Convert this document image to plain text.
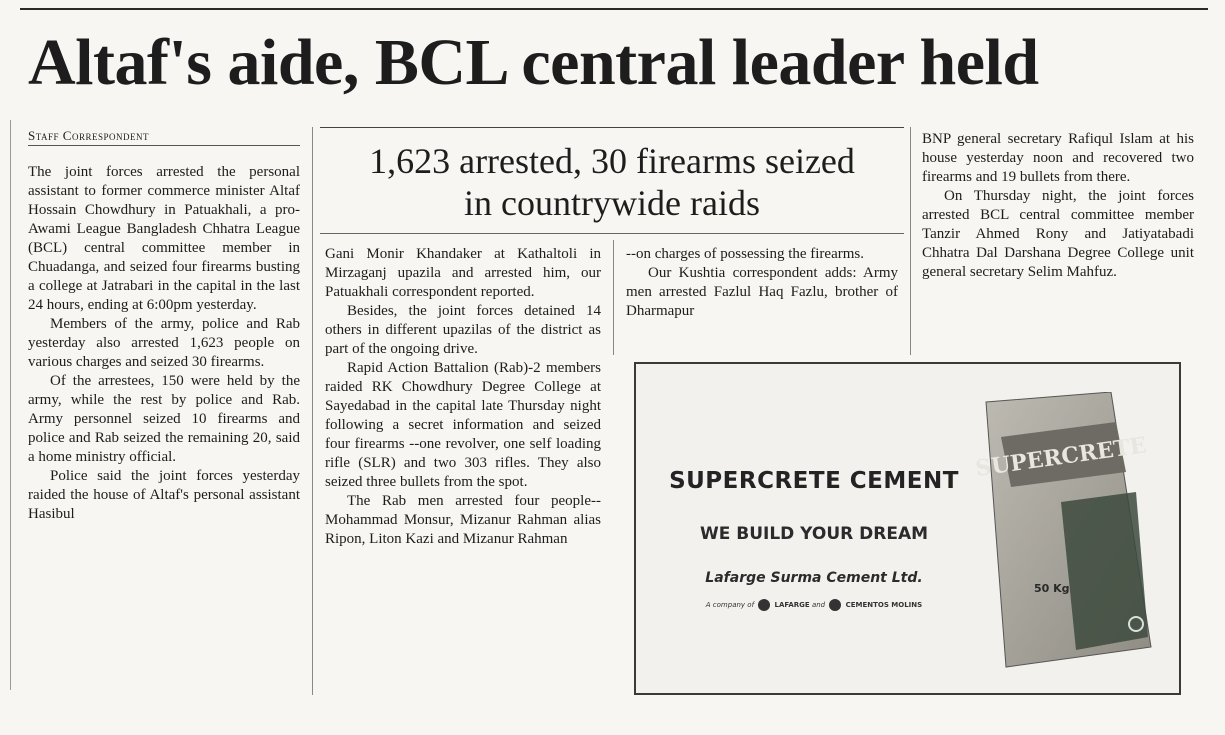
Altaf's aide, BCL central leader held
Staff Correspondent

The joint forces arrested the personal assistant to former commerce minister Altaf Hossain Chowdhury in Patuakhali, a pro-Awami League Bangladesh Chhatra League (BCL) central committee member in Chuadanga, and seized four firearms busting a college at Jatrabari in the capital in the last 24 hours, ending at 6:00pm yesterday.

Members of the army, police and Rab yesterday also arrested 1,623 people on various charges and seized 30 firearms.

Of the arrestees, 150 were held by the army, while the rest by police and Rab. Army personnel seized 10 firearms and police and Rab seized the remaining 20, said a home ministry official.

Police said the joint forces yesterday raided the house of Altaf's personal assistant Hasibul

1,623 arrested, 30 firearms seized
in countrywide raids

Gani Monir Khandaker at Kathaltoli in Mirzaganj upazila and arrested him, our Patuakhali correspondent reported.

Besides, the joint forces detained 14 others in different upazilas of the district as part of the ongoing drive.

Rapid Action Battalion (Rab)-2 members raided RK Chowdhury Degree College at Sayedabad in the capital late Thursday night following a secret information and seized four firearms --one revolver, one self loading rifle (SLR) and two 303 rifles. They also seized three bullets from the spot.

The Rab men arrested four people--Mohammad Monsur, Mizanur Rahman alias Ripon, Liton Kazi and Mizanur Rahman

--on charges of possessing the firearms.

Our Kushtia correspondent adds: Army men arrested Fazlul Haq Fazlu, brother of Dharmapur

BNP general secretary Rafiqul Islam at his house yesterday noon and recovered two firearms and 19 bullets from there.

On Thursday night, the joint forces arrested BCL central committee member Tanzir Ahmed Rony and Jatiyatabadi Chhatra Dal Darshana Degree College unit general secretary Selim Mahfuz.

SUPERCRETE CEMENT
WE BUILD YOUR DREAM
Lafarge Surma Cement Ltd.
A company of	LAFARGE and	CEMENTOS MOLINS
SUPERCRETE
50 Kg
